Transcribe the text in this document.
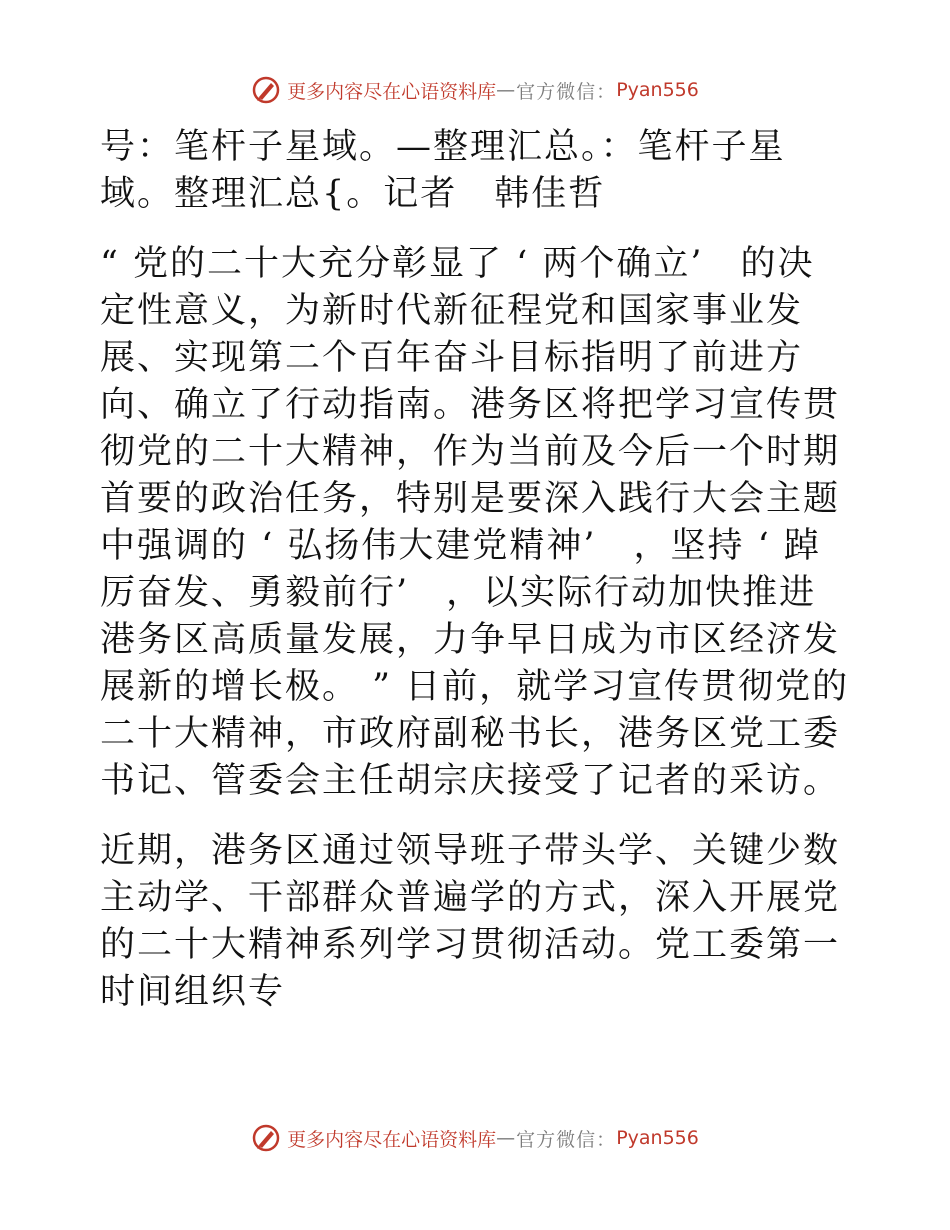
更多内容尽在心语资料库 — 官方微信： Pyan556

号：笔杆子星域。—整理汇总。：笔杆子星域。整理汇总{。记者　韩佳哲

“ 党的二十大充分彰显了 ‘ 两个确立’　的决定性意义，为新时代新征程党和国家事业发展、实现第二个百年奋斗目标指明了前进方向、确立了行动指南。港务区将把学习宣传贯彻党的二十大精神，作为当前及今后一个时期首要的政治任务，特别是要深入践行大会主题中强调的 ‘ 弘扬伟大建党精神’　，坚持 ‘ 踔厉奋发、勇毅前行’　，以实际行动加快推进港务区高质量发展，力争早日成为市区经济发展新的增长极。 ” 日前，就学习宣传贯彻党的二十大精神，市政府副秘书长，港务区党工委书记、管委会主任胡宗庆接受了记者的采访。

近期，港务区通过领导班子带头学、关键少数主动学、干部群众普遍学的方式，深入开展党的二十大精神系列学习贯彻活动。党工委第一时间组织专

更多内容尽在心语资料库 — 官方微信： Pyan556
